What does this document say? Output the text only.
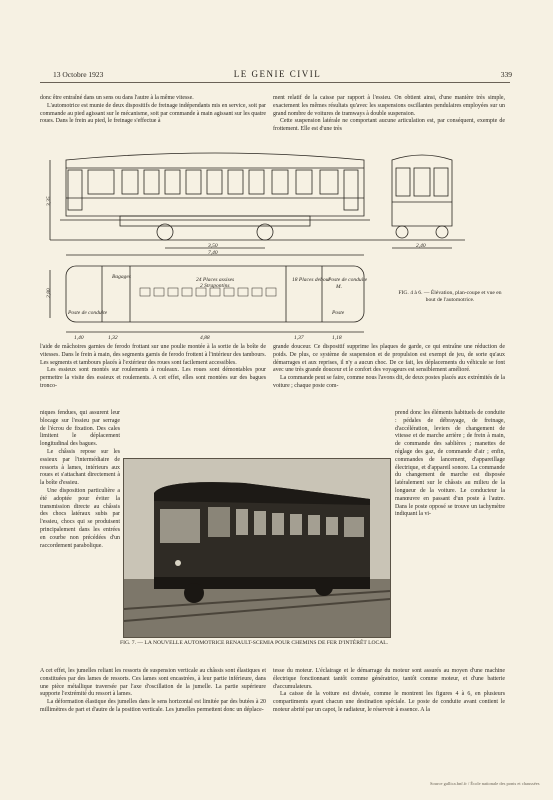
13 Octobre 1923	LE GENIE CIVIL	339

donc être entraîné dans un sens ou dans l'autre à la même vitesse.

L'automotrice est munie de deux dispositifs de freinage indépendants mis en service, soit par commande au pied agissant sur le mécanisme, soit par commande à main agissant sur les quatre roues. Dans le frein au pied, le freinage s'effectue à

ment relatif de la caisse par rapport à l'essieu. On obtient ainsi, d'une manière très simple, exactement les mêmes résultats qu'avec les suspensions oscillantes pendulaires employées sur un grand nombre de voitures de tramways à double suspension.

Cette suspension latérale ne comportant aucune articulation est, par conséquent, exempte de frottement. Elle est d'une très

3,35
3,50
7,40
2,40
2,80
Bagages	24 Places assises
2 Strapontins
18 Places debout
Poste de conduite
Poste de conduite
M.
Poste
1,40	1,32	4,88	1,37	1,18
FIG. 4 à 6. — Élévation, plan-coupe et vue en bout de l'automotrice.

l'aide de mâchoires garnies de ferodo frottant sur une poulie montée à la sortie de la boîte de vitesses. Dans le frein à main, des segments garnis de ferodo frottent à l'intérieur des tambours. Les segments et tambours placés à l'extérieur des roues sont facilement accessibles.

Les essieux sont montés sur roulements à rouleaux. Les roues sont démontables pour permettre la visite des essieux et roulements. A cet effet, elles sont montées sur des bagues tronco-

grande douceur. Ce dispositif supprime les plaques de garde, ce qui entraîne une réduction de poids. De plus, ce système de suspension et de propulsion est exempt de jeu, de sorte qu'aux démarrages et aux reprises, il n'y a aucun choc. De ce fait, les déplacements du véhicule se font avec une très grande douceur et le confort des voyageurs est sensiblement amélioré.

La commande peut se faire, comme nous l'avons dit, de deux postes placés aux extrémités de la voiture ; chaque poste com-

niques fendues, qui assurent leur blocage sur l'essieu par serrage de l'écrou de fixation. Des cales limitent le déplacement longitudinal des bagues.

Le châssis repose sur les essieux par l'intermédiaire de ressorts à lames, intérieurs aux roues et s'attachant directement à la boîte d'essieu.

Une disposition particulière a été adoptée pour éviter la transmission directe au châssis des chocs latéraux subis par l'essieu, chocs qui se produisent principalement dans les entrées en courbe non précédées d'un raccordement parabolique.

prend donc les éléments habituels de conduite : pédales de débrayage, de freinage, d'accélération, leviers de changement de vitesse et de marche arrière ; de frein à main, de commande des sablières ; manettes de réglage des gaz, de commande d'air ; enfin, commandes de lancement, d'appareillage électrique, et d'appareil sonore. La commande du changement de marche est disposée latéralement sur le châssis au milieu de la longueur de la voiture. Le conducteur la manœuvre en passant d'un poste à l'autre. Dans le poste opposé se trouve un tachymètre indiquant la vi-

FIG. 7. — LA NOUVELLE AUTOMOTRICE RENAULT-SCEMIA POUR CHEMINS DE FER D'INTÉRÊT LOCAL.

A cet effet, les jumelles reliant les ressorts de suspension verticale au châssis sont élastiques et constituées par des lames de ressorts. Ces lames sont encastrées, à leur partie inférieure, dans une pièce métallique traversée par l'axe d'oscillation de la jumelle. La partie supérieure supporte l'extrémité du ressort à lames.

La déformation élastique des jumelles dans le sens horizontal est limitée par des butées à 20 millimètres de part et d'autre de la position verticale. Les jumelles permettent donc un déplace-

tesse du moteur. L'éclairage et le démarrage du moteur sont assurés au moyen d'une machine électrique fonctionnant tantôt comme génératrice, tantôt comme moteur, et d'une batterie d'accumulateurs.

La caisse de la voiture est divisée, comme le montrent les figures 4 à 6, en plusieurs compartiments ayant chacun une destination spéciale. Le poste de conduite avant contient le moteur abrité par un capot, le radiateur, le réservoir à essence. A la

Source gallica.bnf.fr / École nationale des ponts et chaussées
